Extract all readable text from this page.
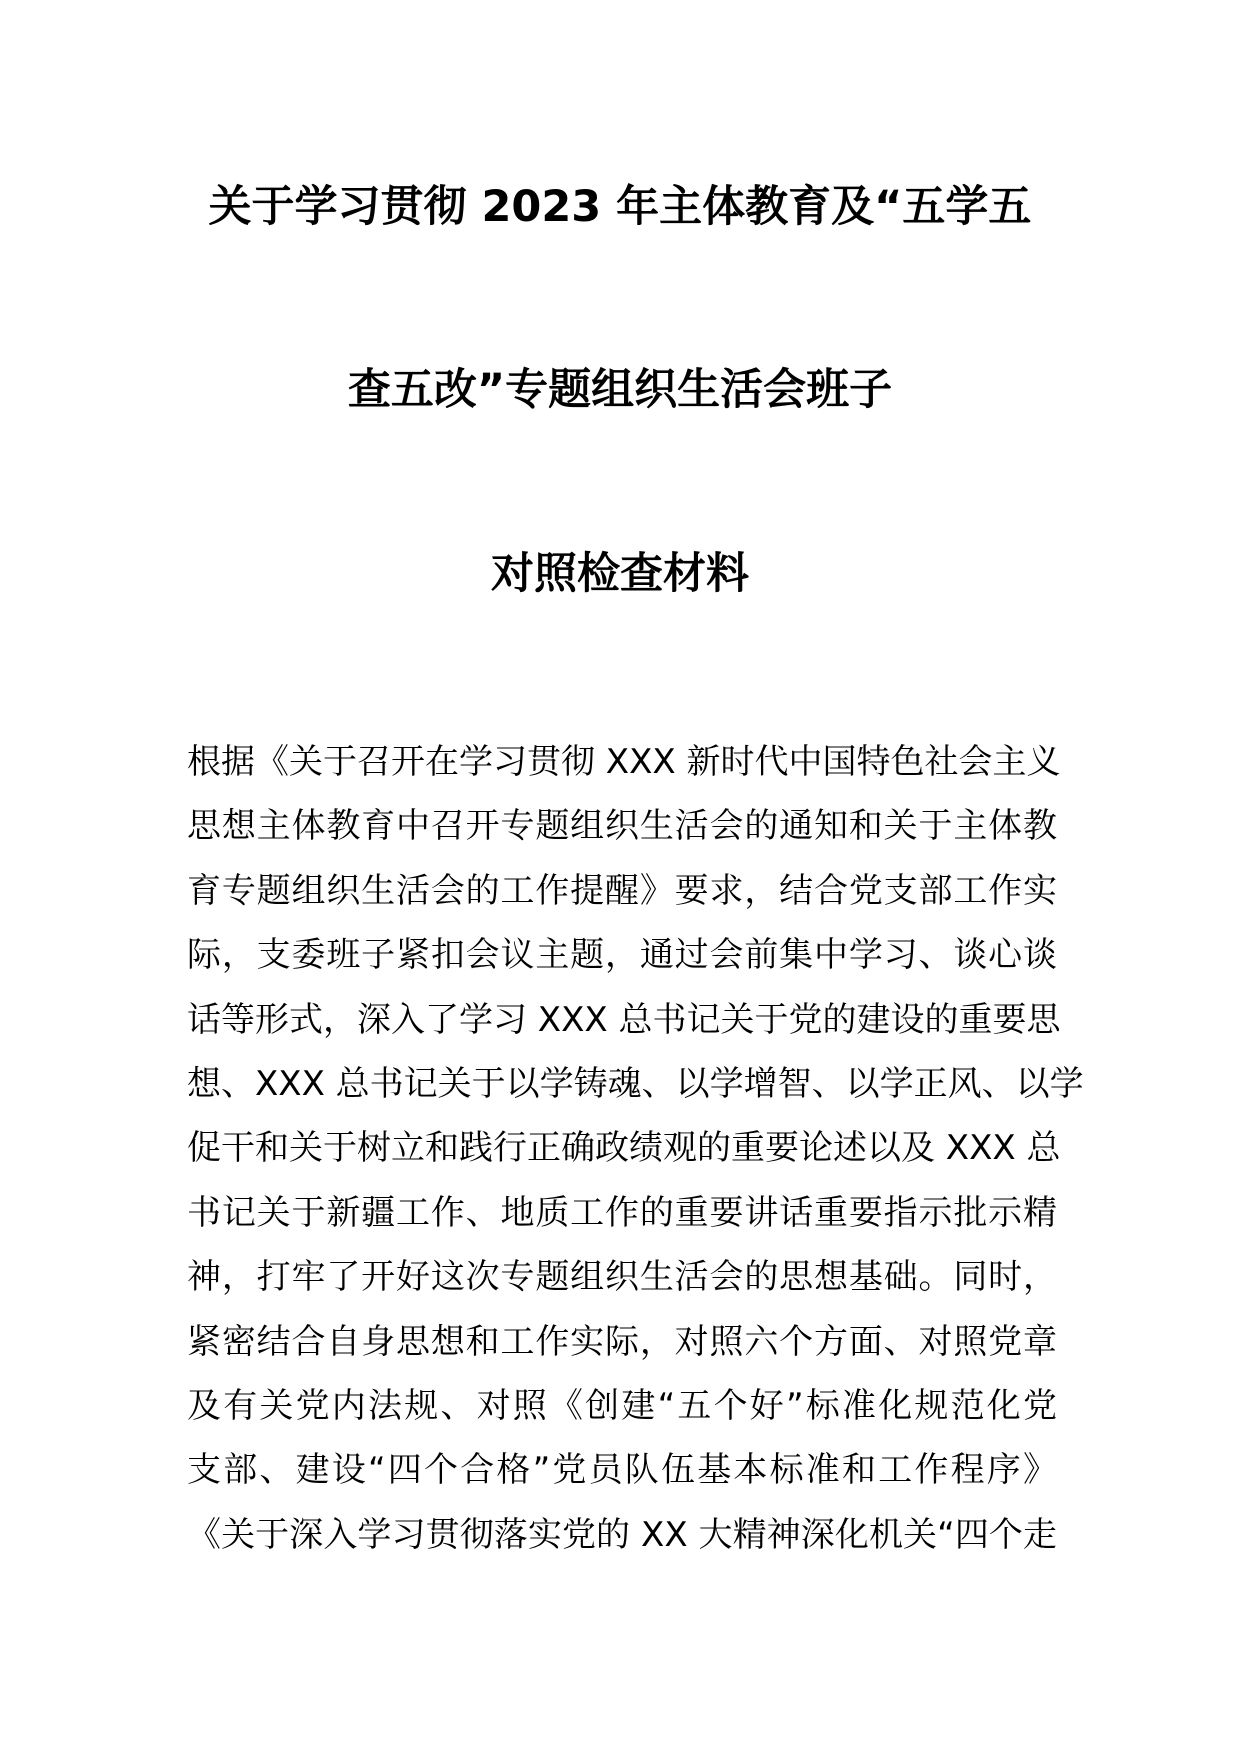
关于学习贯彻 2023 年主体教育及“五学五
查五改”专题组织生活会班子
对照检查材料
根据《关于召开在学习贯彻 XXX 新时代中国特色社会主义
思想主体教育中召开专题组织生活会的通知和关于主体教
育专题组织生活会的工作提醒》要求，结合党支部工作实
际，支委班子紧扣会议主题，通过会前集中学习、谈心谈
话等形式，深入了学习 XXX 总书记关于党的建设的重要思
想、XXX 总书记关于以学铸魂、以学增智、以学正风、以学
促干和关于树立和践行正确政绩观的重要论述以及 XXX 总
书记关于新疆工作、地质工作的重要讲话重要指示批示精
神，打牢了开好这次专题组织生活会的思想基础。同时，
紧密结合自身思想和工作实际，对照六个方面、对照党章
及有关党内法规、对照《创建“五个好”标准化规范化党
支部、建设“四个合格”党员队伍基本标准和工作程序》
《关于深入学习贯彻落实党的 XX 大精神深化机关“四个走
